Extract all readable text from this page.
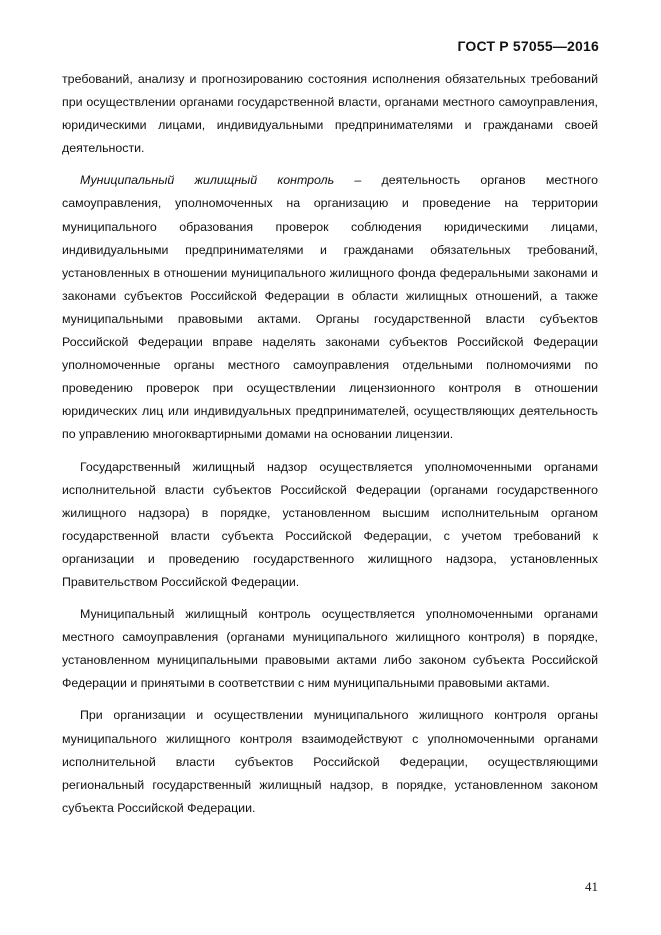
ГОСТ Р 57055—2016

требований, анализу и прогнозированию состояния исполнения обязательных требований при осуществлении органами государственной власти, органами местного самоуправления, юридическими лицами, индивидуальными предпринимателями и гражданами своей деятельности.

Муниципальный жилищный контроль – деятельность органов местного самоуправления, уполномоченных на организацию и проведение на территории муниципального образования проверок соблюдения юридическими лицами, индивидуальными предпринимателями и гражданами обязательных требований, установленных в отношении муниципального жилищного фонда федеральными законами и законами субъектов Российской Федерации в области жилищных отношений, а также муниципальными правовыми актами. Органы государственной власти субъектов Российской Федерации вправе наделять законами субъектов Российской Федерации уполномоченные органы местного самоуправления отдельными полномочиями по проведению проверок при осуществлении лицензионного контроля в отношении юридических лиц или индивидуальных предпринимателей, осуществляющих деятельность по управлению многоквартирными домами на основании лицензии.

Государственный жилищный надзор осуществляется уполномоченными органами исполнительной власти субъектов Российской Федерации (органами государственного жилищного надзора) в порядке, установленном высшим исполнительным органом государственной власти субъекта Российской Федерации, с учетом требований к организации и проведению государственного жилищного надзора, установленных Правительством Российской Федерации.

Муниципальный жилищный контроль осуществляется уполномоченными органами местного самоуправления (органами муниципального жилищного контроля) в порядке, установленном муниципальными правовыми актами либо законом субъекта Российской Федерации и принятыми в соответствии с ним муниципальными правовыми актами.

При организации и осуществлении муниципального жилищного контроля органы муниципального жилищного контроля взаимодействуют с уполномоченными органами исполнительной власти субъектов Российской Федерации, осуществляющими региональный государственный жилищный надзор, в порядке, установленном законом субъекта Российской Федерации.

41
